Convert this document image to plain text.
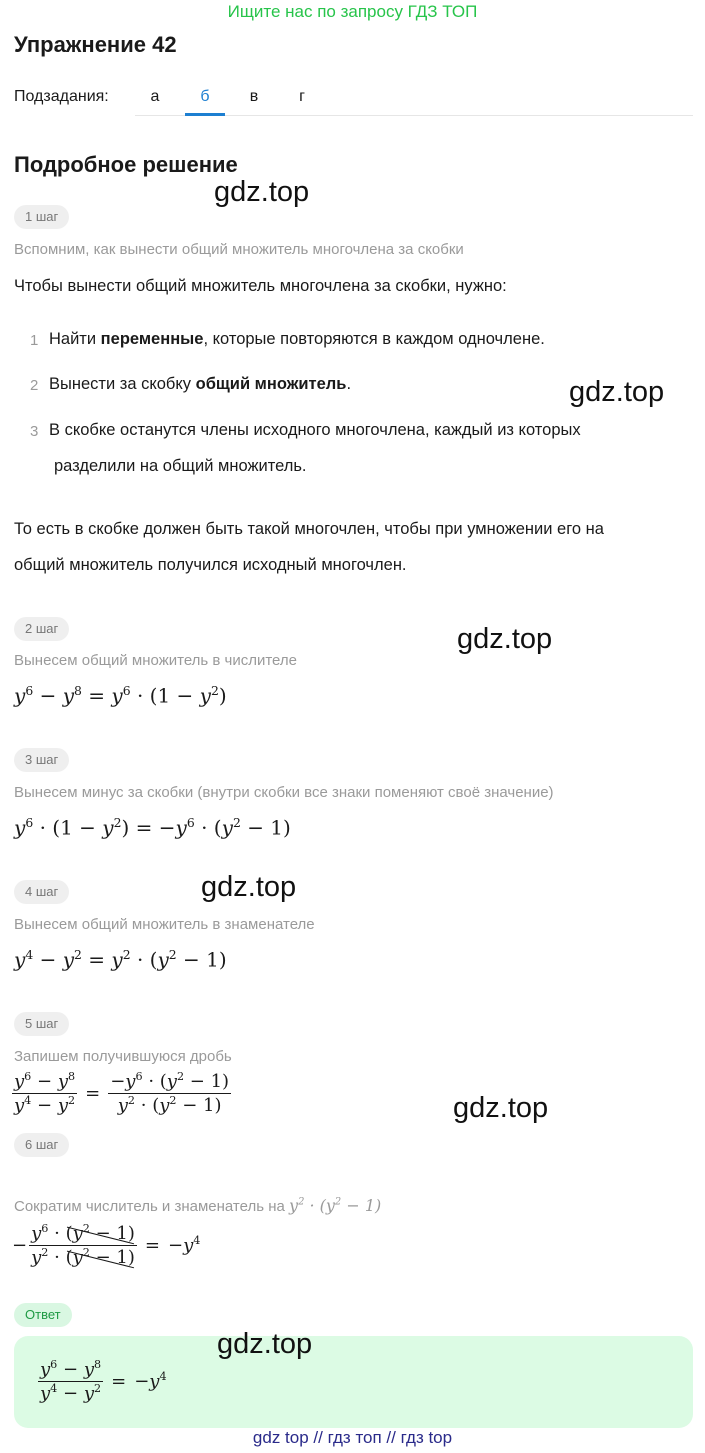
Ищите нас по запросу ГДЗ ТОП
Упражнение 42
Подзадания:	а	б	в	г
Подробное решение
gdz.top
gdz.top
gdz.top
gdz.top
gdz.top
gdz.top
1 шаг
Вспомним, как вынести общий множитель многочлена за скобки
Чтобы вынести общий множитель многочлена за скобки, нужно:
1 Найти переменные, которые повторяются в каждом одночлене.
2 Вынести за скобку общий множитель.
3 В скобке останутся члены исходного многочлена, каждый из которых
разделили на общий множитель.
То есть в скобке должен быть такой многочлен, чтобы при умножении его на
общий множитель получился исходный многочлен.
2 шаг
Вынесем общий множитель в числителе
$y^6 - y^8 = y^6 \cdot (1 - y^2)$
3 шаг
Вынесем минус за скобки (внутри скобки все знаки поменяют своё значение)
$y^6 \cdot (1 - y^2) = -y^6 \cdot (y^2 - 1)$
4 шаг
Вынесем общий множитель в знаменателе
$y^4 - y^2 = y^2 \cdot (y^2 - 1)$
5 шаг
Запишем получившуюся дробь
$\frac{y^6 - y^8}{y^4 - y^2} = \frac{-y^6 \cdot (y^2 - 1)}{y^2 \cdot (y^2 - 1)}$
6 шаг
Сократим числитель и знаменатель на $y^2 \cdot (y^2 - 1)$
− $\frac{y^6 \cdot (y^2 - 1)}{y^2 \cdot (y^2 - 1)} = -y^4$
Ответ
$\frac{y^6 - y^8}{y^4 - y^2} = -y^4$
gdz top // гдз топ // гдз top
